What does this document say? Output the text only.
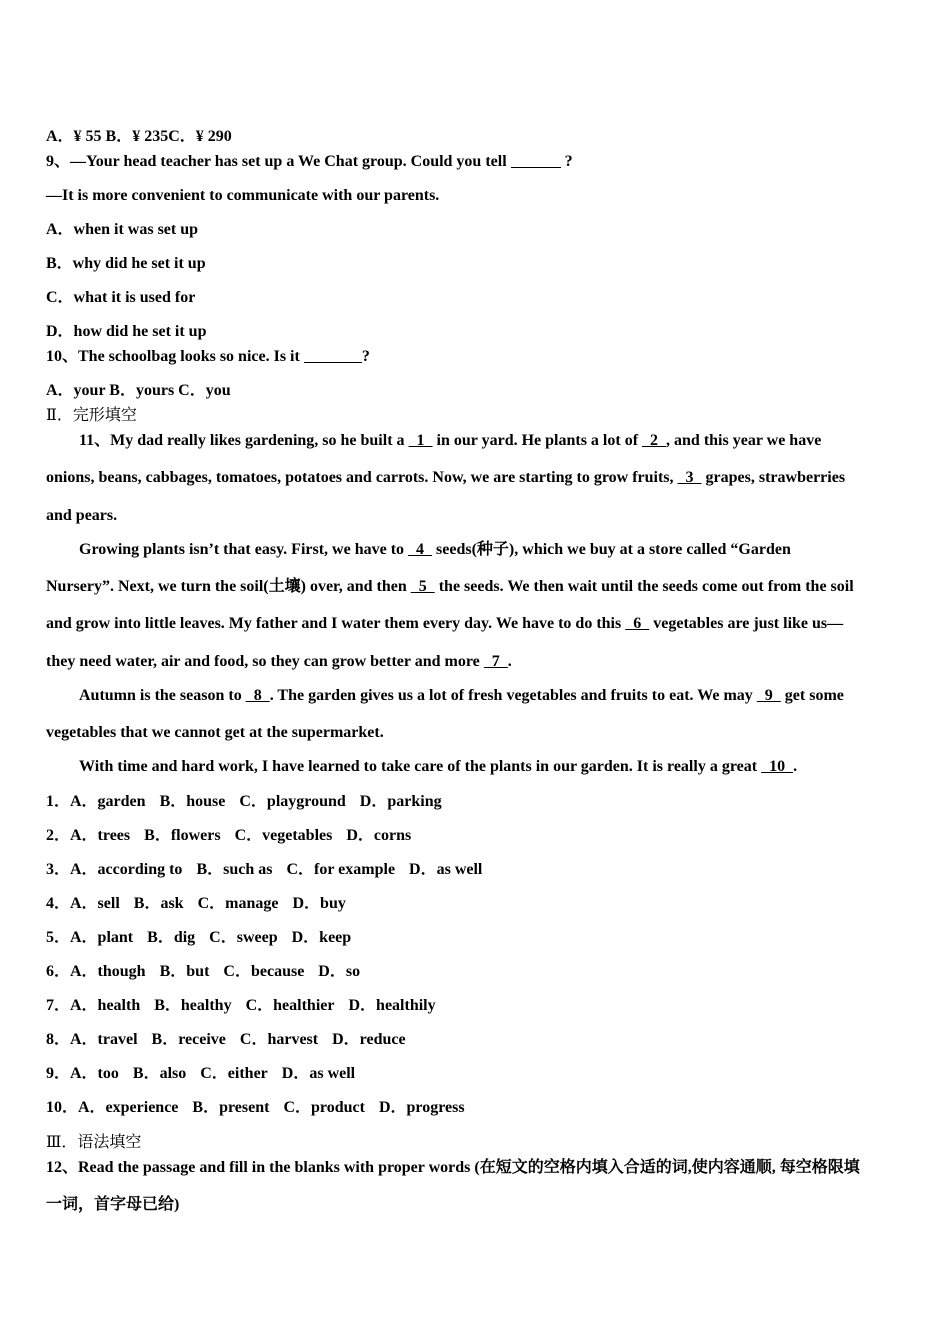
A．¥ 55 B．¥ 235C．¥ 290
9、—Your head teacher has set up a We Chat group. Could you tell	?
—It is more convenient to communicate with our parents.
A．when it was set up
B．why did he set it up
C．what it is used for
D．how did he set it up
10、The schoolbag looks so nice. Is it	?
A．your B．yours C．you
Ⅱ．完形填空
11、My dad really likes gardening, so he built a   1   in our yard. He plants a lot of   2  , and this year we have
onions, beans, cabbages, tomatoes, potatoes and carrots. Now, we are starting to grow fruits,   3   grapes, strawberries
and pears.
Growing plants isn’t that easy. First, we have to   4   seeds(种子), which we buy at a store called “Garden
Nursery”. Next, we turn the soil(土壤) over, and then   5   the seeds. We then wait until the seeds come out from the soil
and grow into little leaves. My father and I water them every day. We have to do this   6   vegetables are just like us—
they need water, air and food, so they can grow better and more   7  .
Autumn is the season to   8  . The garden gives us a lot of fresh vegetables and fruits to eat. We may   9   get some
vegetables that we cannot get at the supermarket.
With time and hard work, I have learned to take care of the plants in our garden. It is really a great   10  .
1．A．garden B．house C．playground D．parking
2．A．trees B．flowers C．vegetables D．corns
3．A．according to B．such as C．for example D．as well
4．A．sell B．ask C．manage D．buy
5．A．plant B．dig C．sweep D．keep
6．A．though B．but C．because D．so
7．A．health B．healthy C．healthier D．healthily
8．A．travel B．receive C．harvest D．reduce
9．A．too B．also C．either D．as well
10．A．experience B．present C．product D．progress
Ⅲ．语法填空
12、Read the passage and fill in the blanks with proper words (在短文的空格内填入合适的词,使内容通顺, 每空格限填
一词，首字母已给)
